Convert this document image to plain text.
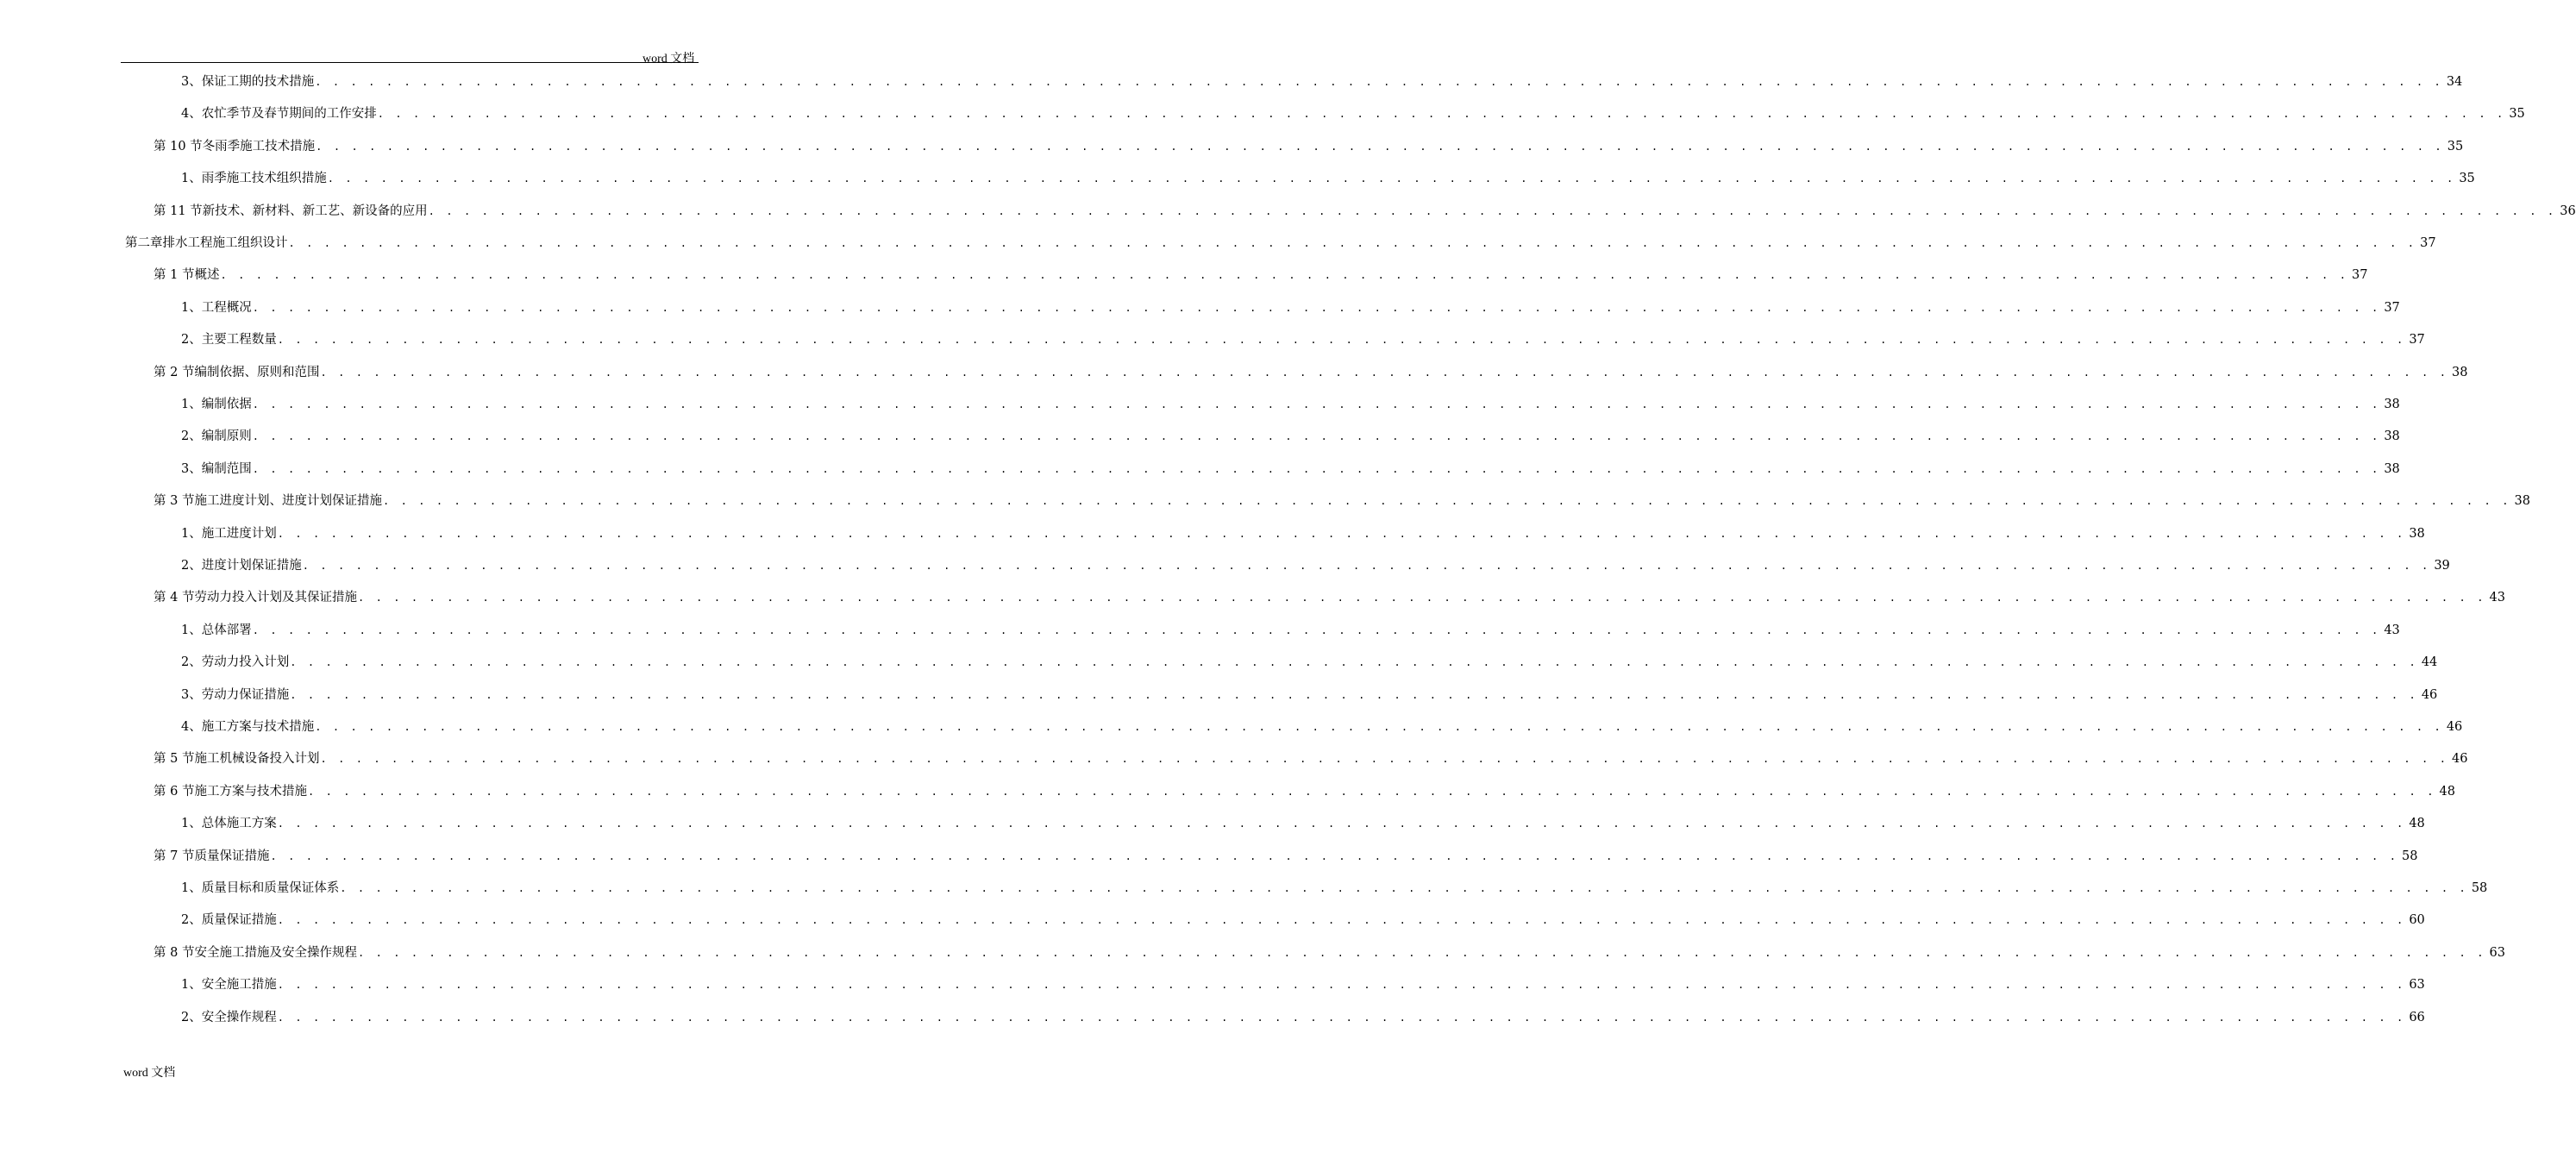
word 文档
3、 保证工期的技术措施 . . . . . . . . . . . . . . . . . . . . . . . . . . . . . . . . . . . . . . . . . . . . . . . . . . . . . . . . . . . . . . . . . . . . . . . . . . . . . . . . . . . . . . . . . . . . . . . . . . . . . . . . . . . . . . . . . . . . . . . . 34
4、 农忙季节及春节期间的工作安排 . . . . . . . . . . . . . . . . . . . . . . . . . . . . . . . . . . . . . . . . . . . . . . . . . . . . . . . . . . . . . . . . . . . . . . . . . . . . . . . . . . . . . . . . . . . . . . . . . . . . . . . . . . . . . . . . . . . . . . . . 35
第 10 节 冬雨季施工技术措施 . . . . . . . . . . . . . . . . . . . . . . . . . . . . . . . . . . . . . . . . . . . . . . . . . . . . . . . . . . . . . . . . . . . . . . . . . . . . . . . . . . . . . . . . . . . . . . . . . . . . . . . . . . . . . . . . . . . . . . . . 35
1、 雨季施工技术组织措施 . . . . . . . . . . . . . . . . . . . . . . . . . . . . . . . . . . . . . . . . . . . . . . . . . . . . . . . . . . . . . . . . . . . . . . . . . . . . . . . . . . . . . . . . . . . . . . . . . . . . . . . . . . . . . . . . . . . . . . . . 35
第 11 节 新技术、新材料、新工艺、新设备的应用 . . . . . . . . . . . . . . . . . . . . . . . . . . . . . . . . . . . . . . . . . . . . . . . . . . . . . . . . . . . . . . . . . . . . . . . . . . . . . . . . . . . . . . . . . . . . . . . . . . . . . . . . . . . . . . . . . . . . . . . . 36
第二章 排水工程施工组织设计 . . . . . . . . . . . . . . . . . . . . . . . . . . . . . . . . . . . . . . . . . . . . . . . . . . . . . . . . . . . . . . . . . . . . . . . . . . . . . . . . . . . . . . . . . . . . . . . . . . . . . . . . . . . . . . . . . . . . . . . . 37
第 1 节 概述 . . . . . . . . . . . . . . . . . . . . . . . . . . . . . . . . . . . . . . . . . . . . . . . . . . . . . . . . . . . . . . . . . . . . . . . . . . . . . . . . . . . . . . . . . . . . . . . . . . . . . . . . . . . . . . . . . . . . . . . . 37
1、 工程概况 . . . . . . . . . . . . . . . . . . . . . . . . . . . . . . . . . . . . . . . . . . . . . . . . . . . . . . . . . . . . . . . . . . . . . . . . . . . . . . . . . . . . . . . . . . . . . . . . . . . . . . . . . . . . . . . . . . . . . . . . 37
2、 主要工程数量 . . . . . . . . . . . . . . . . . . . . . . . . . . . . . . . . . . . . . . . . . . . . . . . . . . . . . . . . . . . . . . . . . . . . . . . . . . . . . . . . . . . . . . . . . . . . . . . . . . . . . . . . . . . . . . . . . . . . . . . . 37
第 2 节 编制依据、原则和范围 . . . . . . . . . . . . . . . . . . . . . . . . . . . . . . . . . . . . . . . . . . . . . . . . . . . . . . . . . . . . . . . . . . . . . . . . . . . . . . . . . . . . . . . . . . . . . . . . . . . . . . . . . . . . . . . . . . . . . . . . 38
1、 编制依据 . . . . . . . . . . . . . . . . . . . . . . . . . . . . . . . . . . . . . . . . . . . . . . . . . . . . . . . . . . . . . . . . . . . . . . . . . . . . . . . . . . . . . . . . . . . . . . . . . . . . . . . . . . . . . . . . . . . . . . . . 38
2、 编制原则 . . . . . . . . . . . . . . . . . . . . . . . . . . . . . . . . . . . . . . . . . . . . . . . . . . . . . . . . . . . . . . . . . . . . . . . . . . . . . . . . . . . . . . . . . . . . . . . . . . . . . . . . . . . . . . . . . . . . . . . . 38
3、 编制范围 . . . . . . . . . . . . . . . . . . . . . . . . . . . . . . . . . . . . . . . . . . . . . . . . . . . . . . . . . . . . . . . . . . . . . . . . . . . . . . . . . . . . . . . . . . . . . . . . . . . . . . . . . . . . . . . . . . . . . . . . 38
第 3 节 施工进度计划、进度计划保证措施 . . . . . . . . . . . . . . . . . . . . . . . . . . . . . . . . . . . . . . . . . . . . . . . . . . . . . . . . . . . . . . . . . . . . . . . . . . . . . . . . . . . . . . . . . . . . . . . . . . . . . . . . . . . . . . . . . . . . . . . . 38
1、 施工进度计划 . . . . . . . . . . . . . . . . . . . . . . . . . . . . . . . . . . . . . . . . . . . . . . . . . . . . . . . . . . . . . . . . . . . . . . . . . . . . . . . . . . . . . . . . . . . . . . . . . . . . . . . . . . . . . . . . . . . . . . . . 38
2、 进度计划保证措施 . . . . . . . . . . . . . . . . . . . . . . . . . . . . . . . . . . . . . . . . . . . . . . . . . . . . . . . . . . . . . . . . . . . . . . . . . . . . . . . . . . . . . . . . . . . . . . . . . . . . . . . . . . . . . . . . . . . . . . . . 39
第 4 节 劳动力投入计划及其保证措施 . . . . . . . . . . . . . . . . . . . . . . . . . . . . . . . . . . . . . . . . . . . . . . . . . . . . . . . . . . . . . . . . . . . . . . . . . . . . . . . . . . . . . . . . . . . . . . . . . . . . . . . . . . . . . . . . . . . . . . . . 43
1、 总体部署 . . . . . . . . . . . . . . . . . . . . . . . . . . . . . . . . . . . . . . . . . . . . . . . . . . . . . . . . . . . . . . . . . . . . . . . . . . . . . . . . . . . . . . . . . . . . . . . . . . . . . . . . . . . . . . . . . . . . . . . . 43
2、 劳动力投入计划 . . . . . . . . . . . . . . . . . . . . . . . . . . . . . . . . . . . . . . . . . . . . . . . . . . . . . . . . . . . . . . . . . . . . . . . . . . . . . . . . . . . . . . . . . . . . . . . . . . . . . . . . . . . . . . . . . . . . . . . . 44
3、 劳动力保证措施 . . . . . . . . . . . . . . . . . . . . . . . . . . . . . . . . . . . . . . . . . . . . . . . . . . . . . . . . . . . . . . . . . . . . . . . . . . . . . . . . . . . . . . . . . . . . . . . . . . . . . . . . . . . . . . . . . . . . . . . . 46
4、 施工方案与技术措施 . . . . . . . . . . . . . . . . . . . . . . . . . . . . . . . . . . . . . . . . . . . . . . . . . . . . . . . . . . . . . . . . . . . . . . . . . . . . . . . . . . . . . . . . . . . . . . . . . . . . . . . . . . . . . . . . . . . . . . . . 46
第 5 节 施工机械设备投入计划 . . . . . . . . . . . . . . . . . . . . . . . . . . . . . . . . . . . . . . . . . . . . . . . . . . . . . . . . . . . . . . . . . . . . . . . . . . . . . . . . . . . . . . . . . . . . . . . . . . . . . . . . . . . . . . . . . . . . . . . . 46
第 6 节 施工方案与技术措施 . . . . . . . . . . . . . . . . . . . . . . . . . . . . . . . . . . . . . . . . . . . . . . . . . . . . . . . . . . . . . . . . . . . . . . . . . . . . . . . . . . . . . . . . . . . . . . . . . . . . . . . . . . . . . . . . . . . . . . . . 48
1、 总体施工方案 . . . . . . . . . . . . . . . . . . . . . . . . . . . . . . . . . . . . . . . . . . . . . . . . . . . . . . . . . . . . . . . . . . . . . . . . . . . . . . . . . . . . . . . . . . . . . . . . . . . . . . . . . . . . . . . . . . . . . . . . 48
第 7 节 质量保证措施 . . . . . . . . . . . . . . . . . . . . . . . . . . . . . . . . . . . . . . . . . . . . . . . . . . . . . . . . . . . . . . . . . . . . . . . . . . . . . . . . . . . . . . . . . . . . . . . . . . . . . . . . . . . . . . . . . . . . . . . . 58
1、 质量目标和质量保证体系 . . . . . . . . . . . . . . . . . . . . . . . . . . . . . . . . . . . . . . . . . . . . . . . . . . . . . . . . . . . . . . . . . . . . . . . . . . . . . . . . . . . . . . . . . . . . . . . . . . . . . . . . . . . . . . . . . . . . . . . . 58
2、 质量保证措施 . . . . . . . . . . . . . . . . . . . . . . . . . . . . . . . . . . . . . . . . . . . . . . . . . . . . . . . . . . . . . . . . . . . . . . . . . . . . . . . . . . . . . . . . . . . . . . . . . . . . . . . . . . . . . . . . . . . . . . . . 60
第 8 节 安全施工措施及安全操作规程 . . . . . . . . . . . . . . . . . . . . . . . . . . . . . . . . . . . . . . . . . . . . . . . . . . . . . . . . . . . . . . . . . . . . . . . . . . . . . . . . . . . . . . . . . . . . . . . . . . . . . . . . . . . . . . . . . . . . . . . . 63
1、 安全施工措施 . . . . . . . . . . . . . . . . . . . . . . . . . . . . . . . . . . . . . . . . . . . . . . . . . . . . . . . . . . . . . . . . . . . . . . . . . . . . . . . . . . . . . . . . . . . . . . . . . . . . . . . . . . . . . . . . . . . . . . . . 63
2、 安全操作规程 . . . . . . . . . . . . . . . . . . . . . . . . . . . . . . . . . . . . . . . . . . . . . . . . . . . . . . . . . . . . . . . . . . . . . . . . . . . . . . . . . . . . . . . . . . . . . . . . . . . . . . . . . . . . . . . . . . . . . . . . 66
word 文档
